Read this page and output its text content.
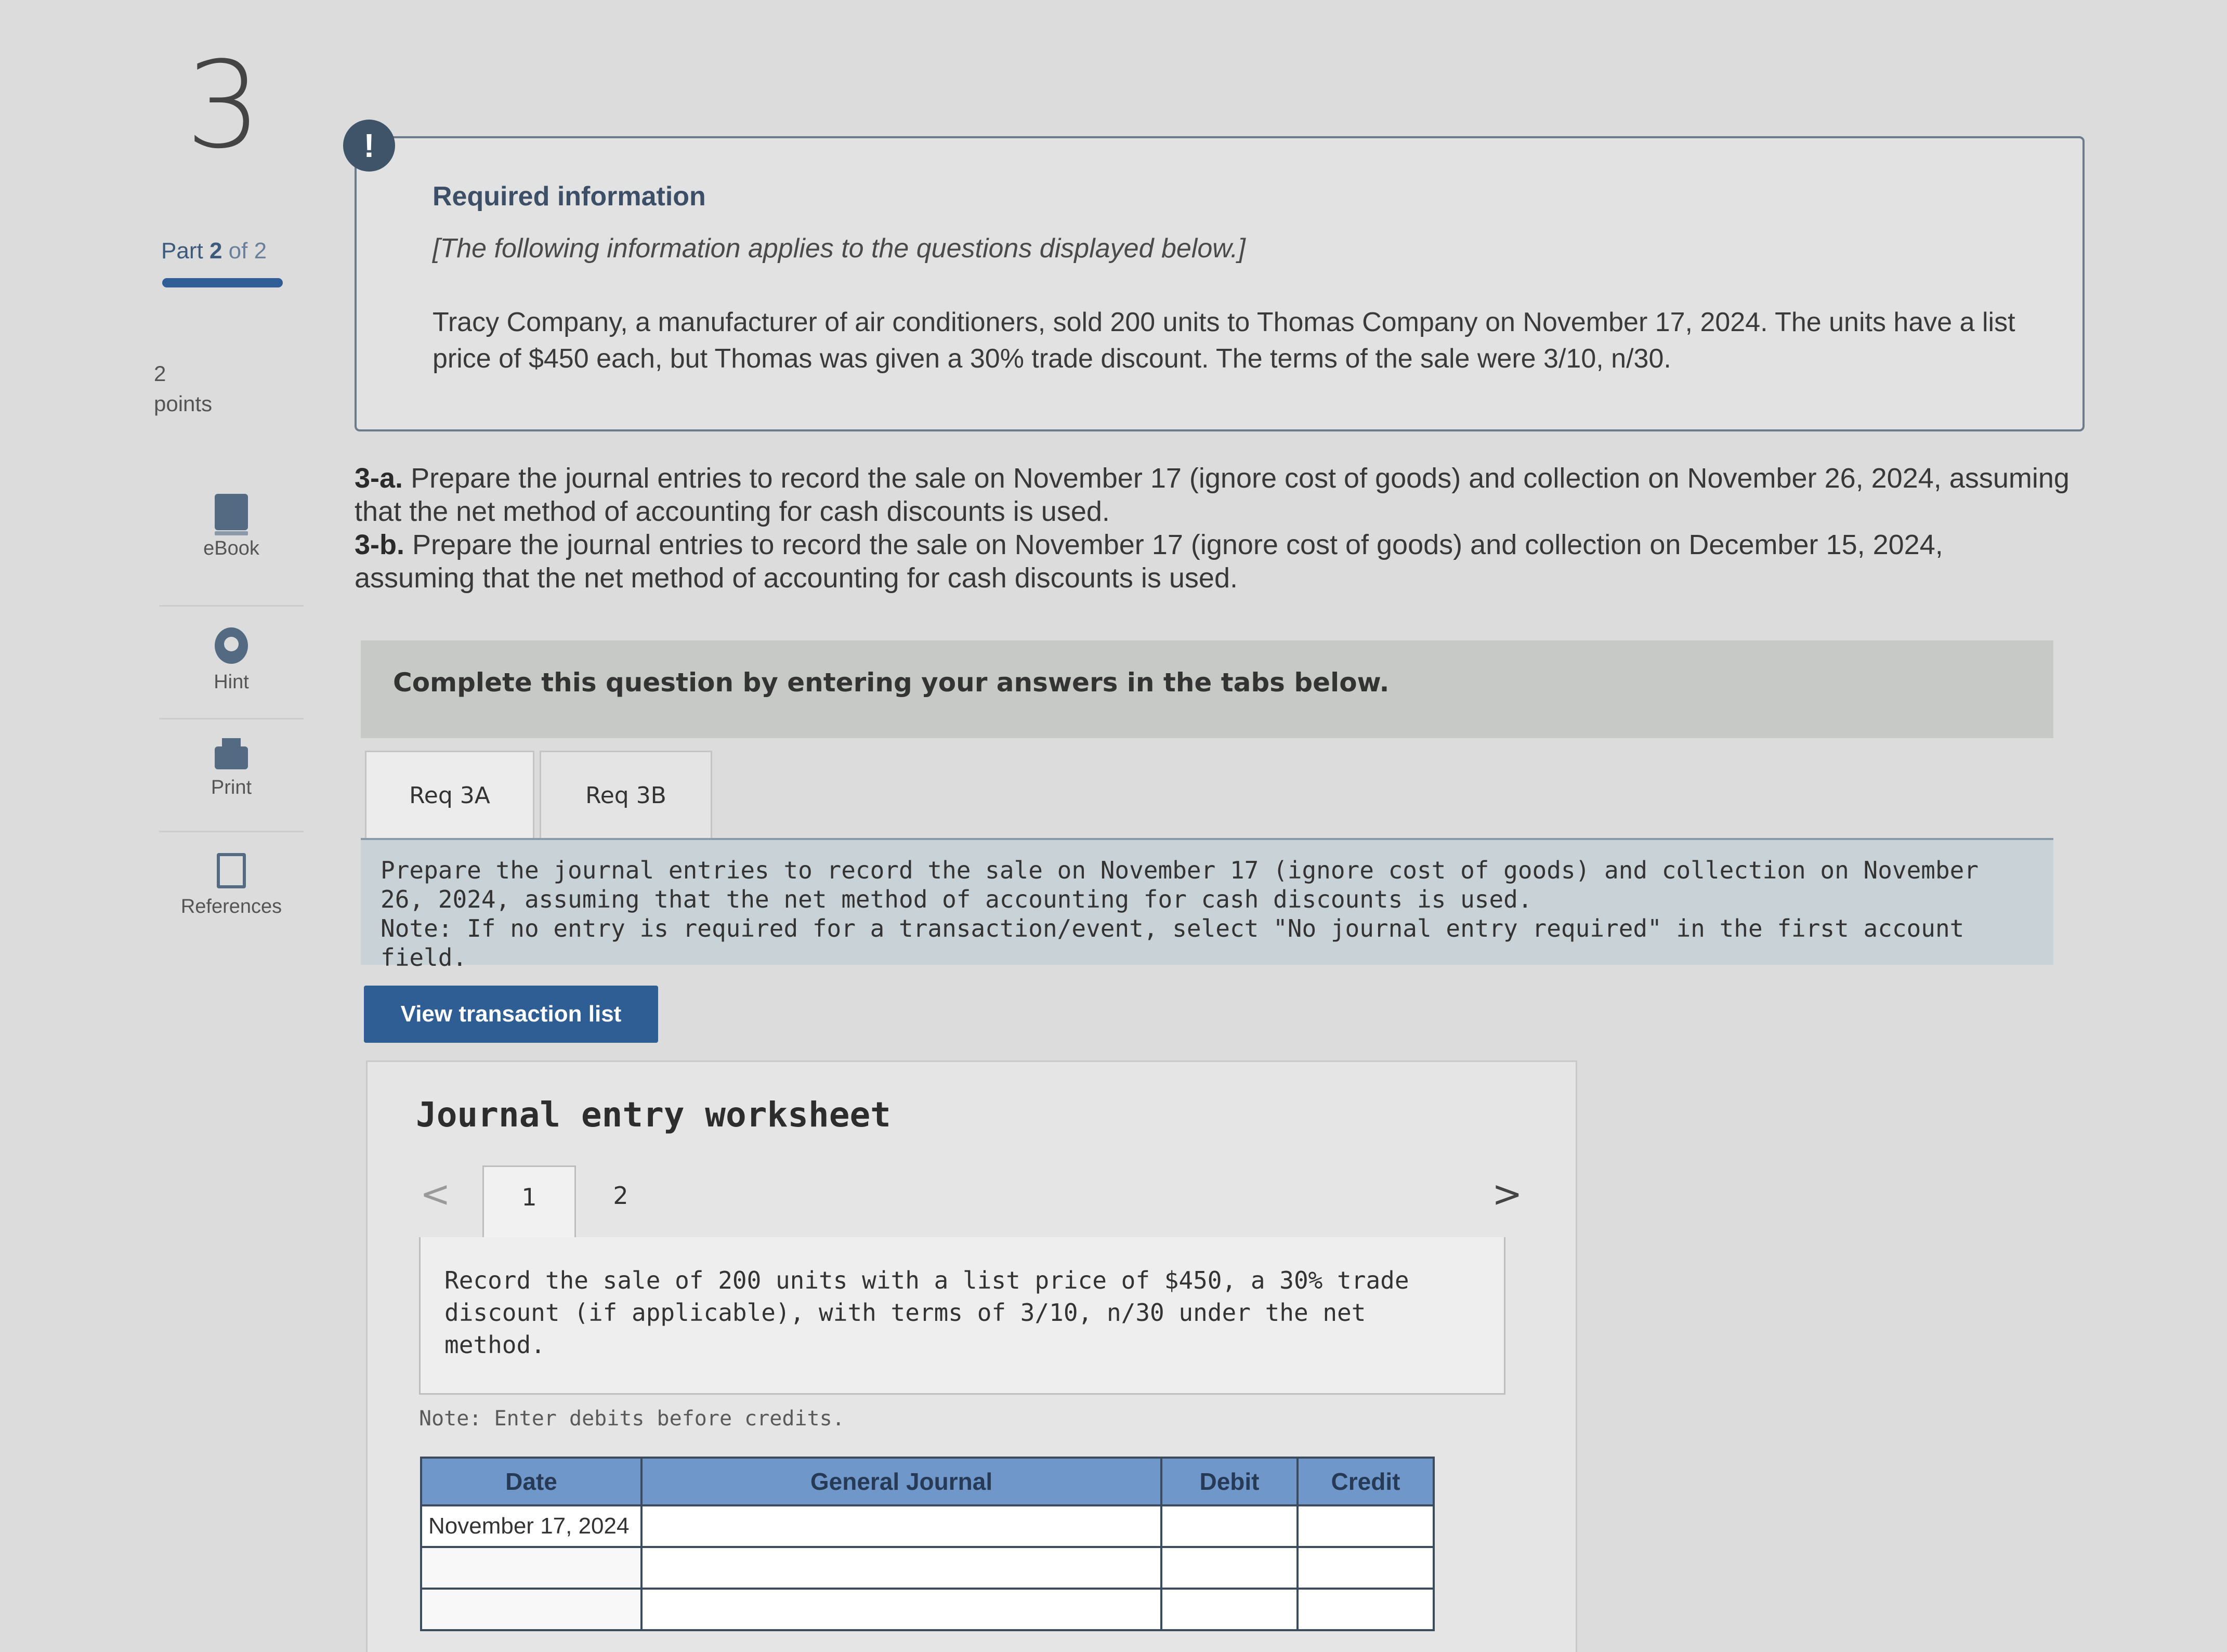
3
Part 2 of 2
2
points
eBook
Hint
Print
References
!
Required information
[The following information applies to the questions displayed below.]
Tracy Company, a manufacturer of air conditioners, sold 200 units to Thomas Company on November 17, 2024. The units have a list price of $450 each, but Thomas was given a 30% trade discount. The terms of the sale were 3/10, n/30.
3-a. Prepare the journal entries to record the sale on November 17 (ignore cost of goods) and collection on November 26, 2024, assuming that the net method of accounting for cash discounts is used.
3-b. Prepare the journal entries to record the sale on November 17 (ignore cost of goods) and collection on December 15, 2024, assuming that the net method of accounting for cash discounts is used.
Complete this question by entering your answers in the tabs below.
Req 3A	Req 3B
Prepare the journal entries to record the sale on November 17 (ignore cost of goods) and collection on November 26, 2024, assuming that the net method of accounting for cash discounts is used.
Note: If no entry is required for a transaction/event, select "No journal entry required" in the first account field.
View transaction list
Journal entry worksheet
<	1	2	>
Record the sale of 200 units with a list price of $450, a 30% trade discount (if applicable), with terms of 3/10, n/30 under the net method.
Note: Enter debits before credits.
Date	General Journal	Debit	Credit
November 17, 2024			
